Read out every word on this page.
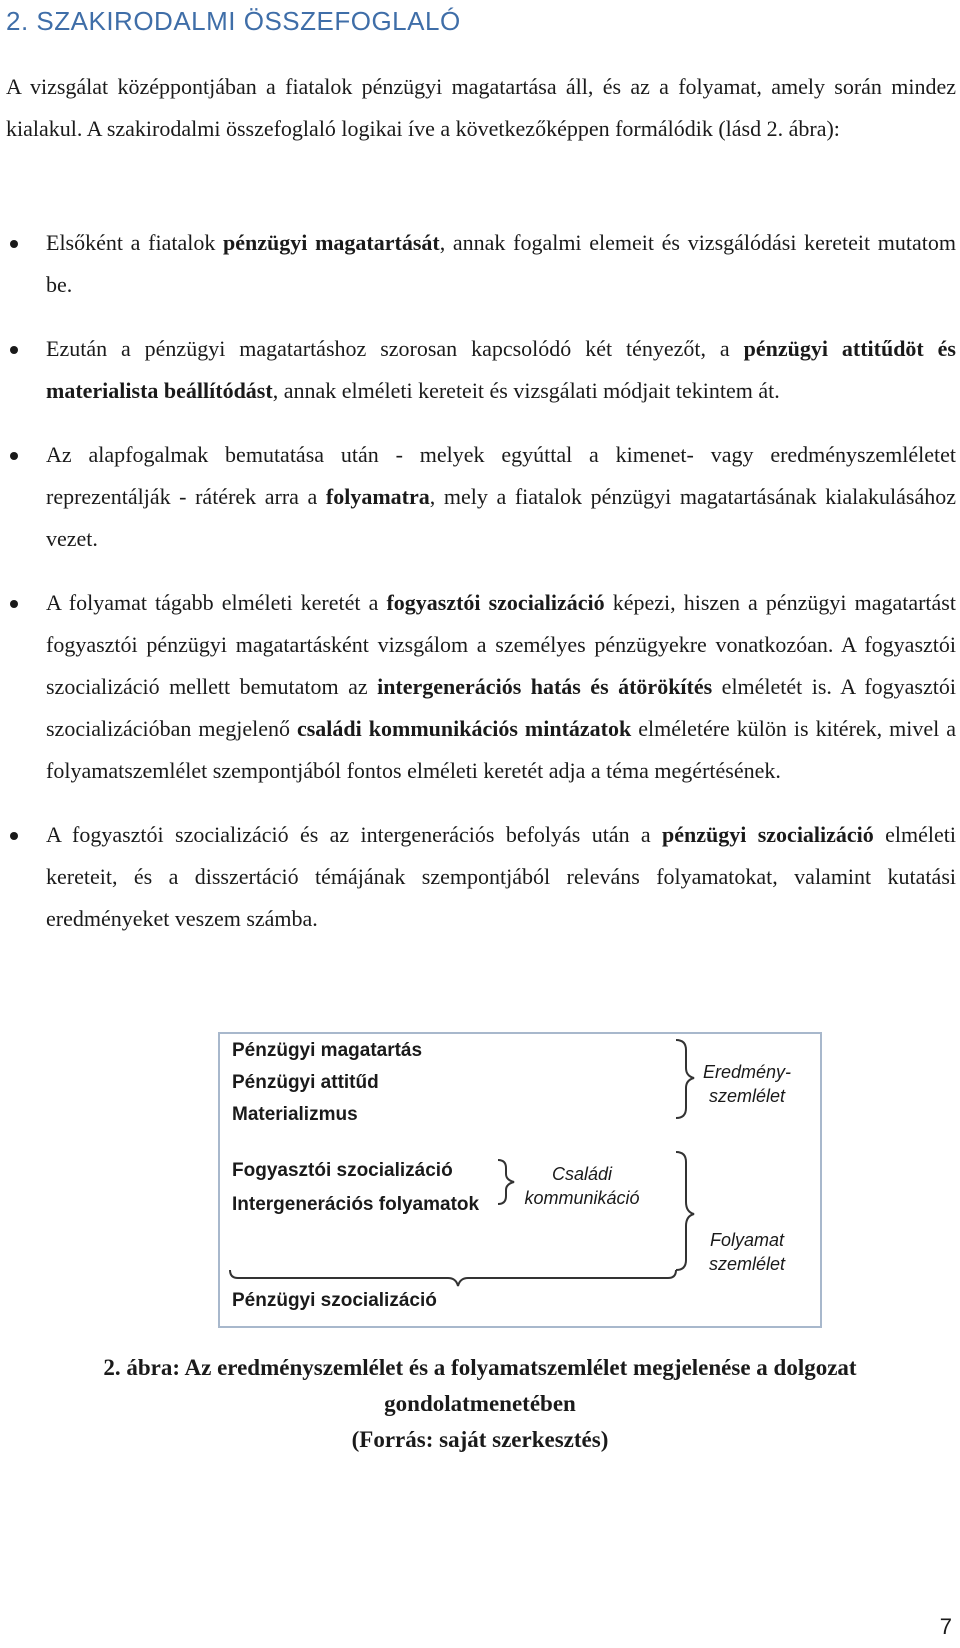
2. SZAKIRODALMI ÖSSZEFOGLALÓ
A vizsgálat középpontjában a fiatalok pénzügyi magatartása áll, és az a folyamat, amely során mindez kialakul. A szakirodalmi összefoglaló logikai íve a következőképpen formálódik (lásd 2. ábra):
Elsőként a fiatalok pénzügyi magatartását, annak fogalmi elemeit és vizsgálódási kereteit mutatom be.
Ezután a pénzügyi magatartáshoz szorosan kapcsolódó két tényezőt, a pénzügyi attitűdöt és materialista beállítódást, annak elméleti kereteit és vizsgálati módjait tekintem át.
Az alapfogalmak bemutatása után - melyek egyúttal a kimenet- vagy eredményszemléletet reprezentálják - rátérek arra a folyamatra, mely a fiatalok pénzügyi magatartásának kialakulásához vezet.
A folyamat tágabb elméleti keretét a fogyasztói szocializáció képezi, hiszen a pénzügyi magatartást fogyasztói pénzügyi magatartásként vizsgálom a személyes pénzügyekre vonatkozóan. A fogyasztói szocializáció mellett bemutatom az intergenerációs hatás és átörökítés elméletét is. A fogyasztói szocializációban megjelenő családi kommunikációs mintázatok elméletére külön is kitérek, mivel a folyamatszemlélet szempontjából fontos elméleti keretét adja a téma megértésének.
A fogyasztói szocializáció és az intergenerációs befolyás után a pénzügyi szocializáció elméleti kereteit, és a disszertáció témájának szempontjából releváns folyamatokat, valamint kutatási eredményeket veszem számba.
Pénzügyi magatartás
Pénzügyi attitűd
Materializmus
Fogyasztói szocializáció
Intergenerációs folyamatok
Pénzügyi szocializáció
Eredmény-
szemlélet
Családi
kommunikáció
Folyamat
szemlélet
2. ábra: Az eredményszemlélet és a folyamatszemlélet megjelenése a dolgozat
gondolatmenetében
(Forrás: saját szerkesztés)
7
